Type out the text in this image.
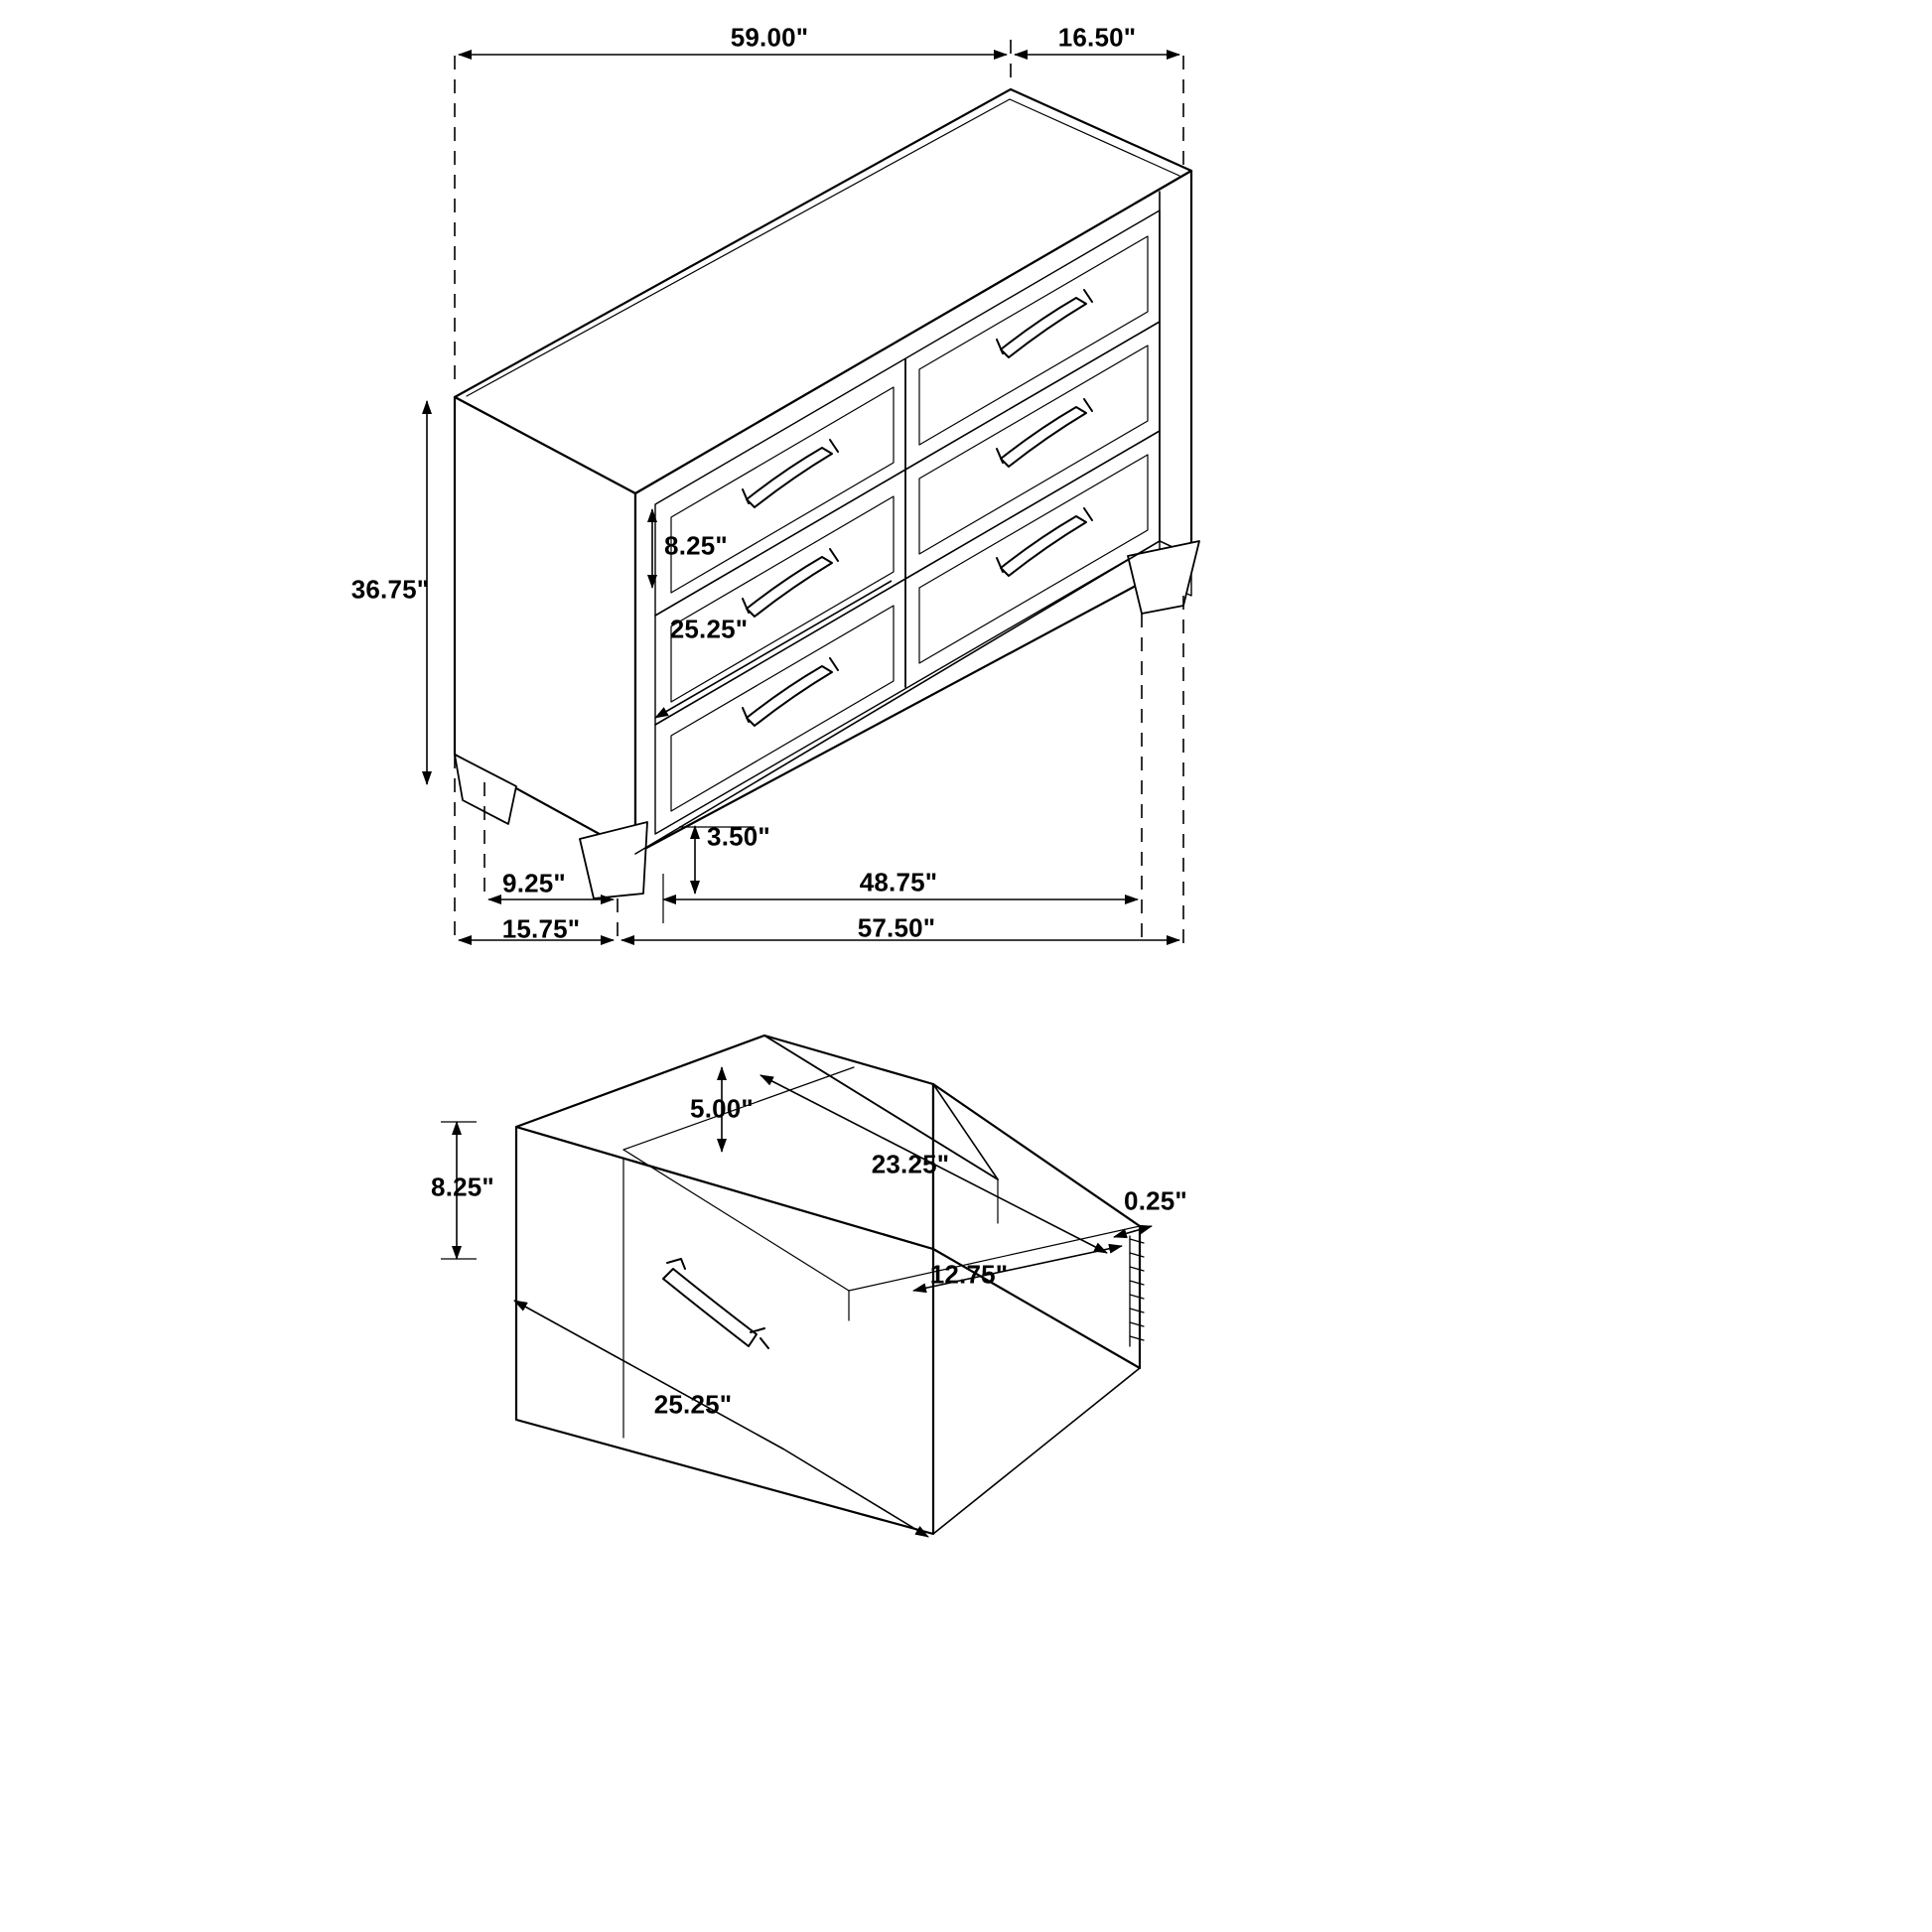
59.00"	16.50"
36.75"
8.25"
25.25"
3.50"
9.25"
15.75"
48.75"
57.50"
5.00"
8.25"
23.25"
0.25"
12.75"
25.25"
